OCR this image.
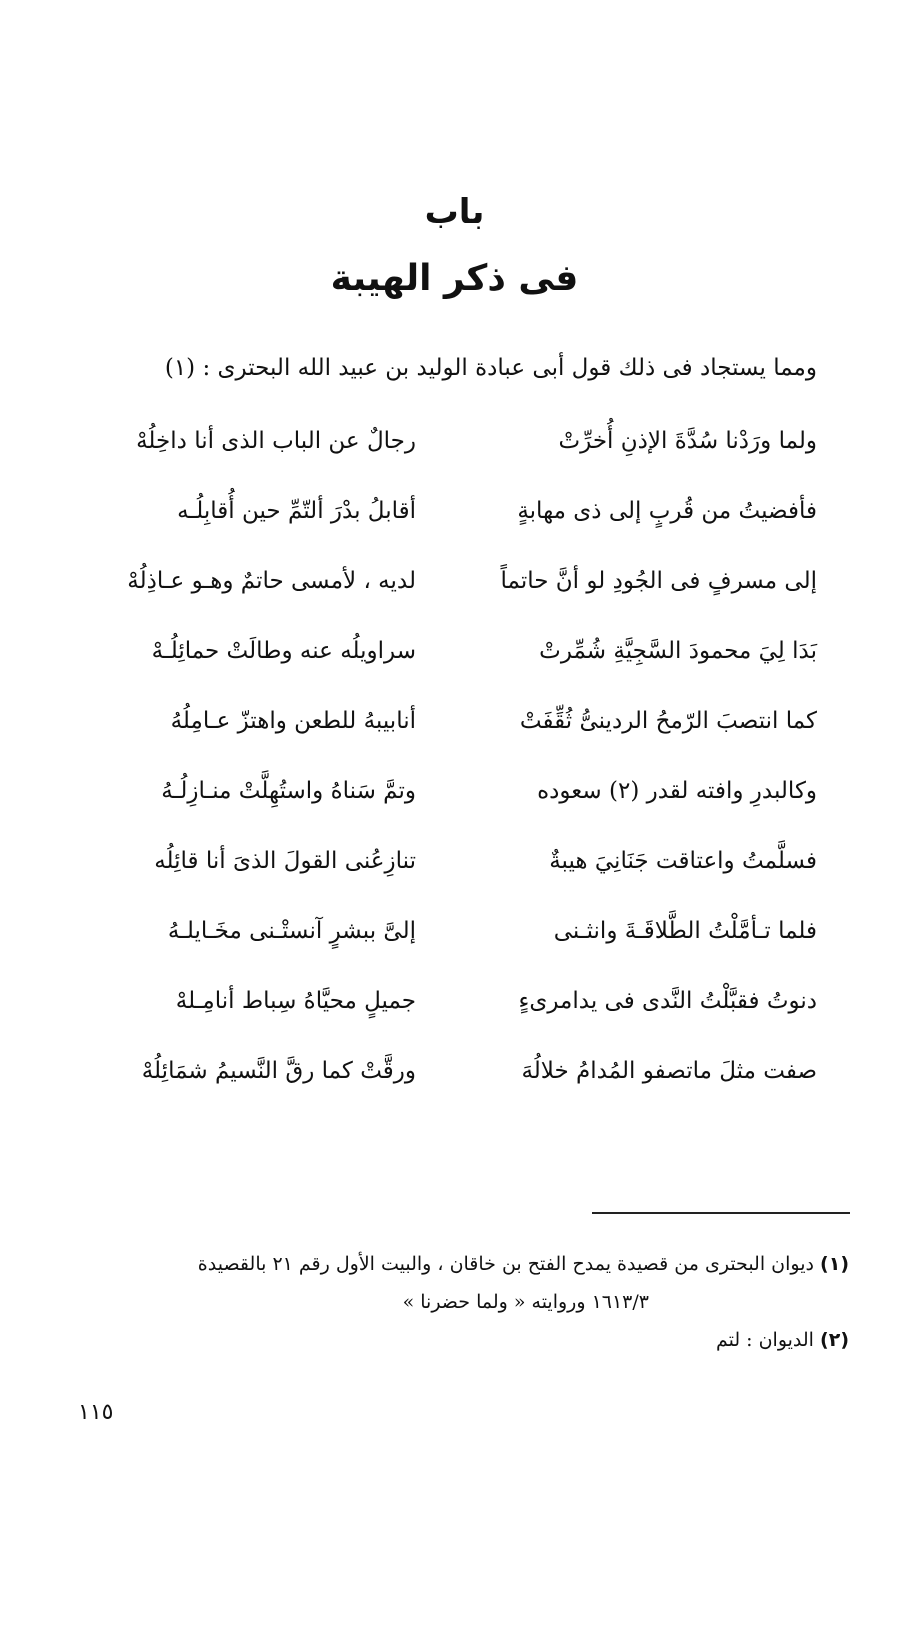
باب
فى ذكر الهيبة
ومما يستجاد فى ذلك قول أبى عبادة الوليد بن عبيد الله البحترى : (١)
ولما ورَدْنا سُدَّةَ الإذنِ أُخرِّتْ
رجالٌ عن الباب الذى أنا داخِلُهْ
فأفضيتُ من قُربٍ إلى ذى مهابةٍ
أقابلُ بدْرَ ألتّمِّ حين أُقابِلُـه
إلى مسرفٍ فى الجُودِ لو أنَّ حاتماً
لديه ، لأمسى حاتمٌ وهـو عـاذِلُهْ
بَدَا لِيَ محمودَ السَّجِيَّةِ شُمِّرتْ
سراويلُه عنه وطالَتْ حمائِلُـهْ
كما انتصبَ الرّمحُ الردينىُّ ثُقِّفَتْ
أنابيبهُ للطعن واهتزّ عـامِلُهُ
وكالبدرِ وافته لقدر (٢) سعوده
وتمَّ سَناهُ واستُهِلَّتْ منـازِلُـهُ
فسلَّمتُ واعتاقت جَنَانِيَ هيبةٌ
تنازِعُنى القولَ الذىَ أنا قائِلُه
فلما تـأمَّلْتُ الطَّلاقَـةَ وانثـنى
إلىَّ ببشرٍ آنستْـنى مخَـايلـهُ
دنوتُ فقبَّلْتُ النَّدى فى يدامرىءٍ
جميلٍ محيَّاهُ سِباط أنامِـلهْ
صفت مثلَ ماتصفو المُدامُ خلالُهَ
ورقَّتْ كما رقَّ النَّسيمُ شمَائِلُهْ

(١) ديوان البحترى من قصيدة يمدح الفتح بن خاقان ، والبيت الأول رقم ٢١ بالقصيدة

١٦١٣/٣ وروايته « ولما حضرنا »

(٢) الديوان : لتم

١١٥
